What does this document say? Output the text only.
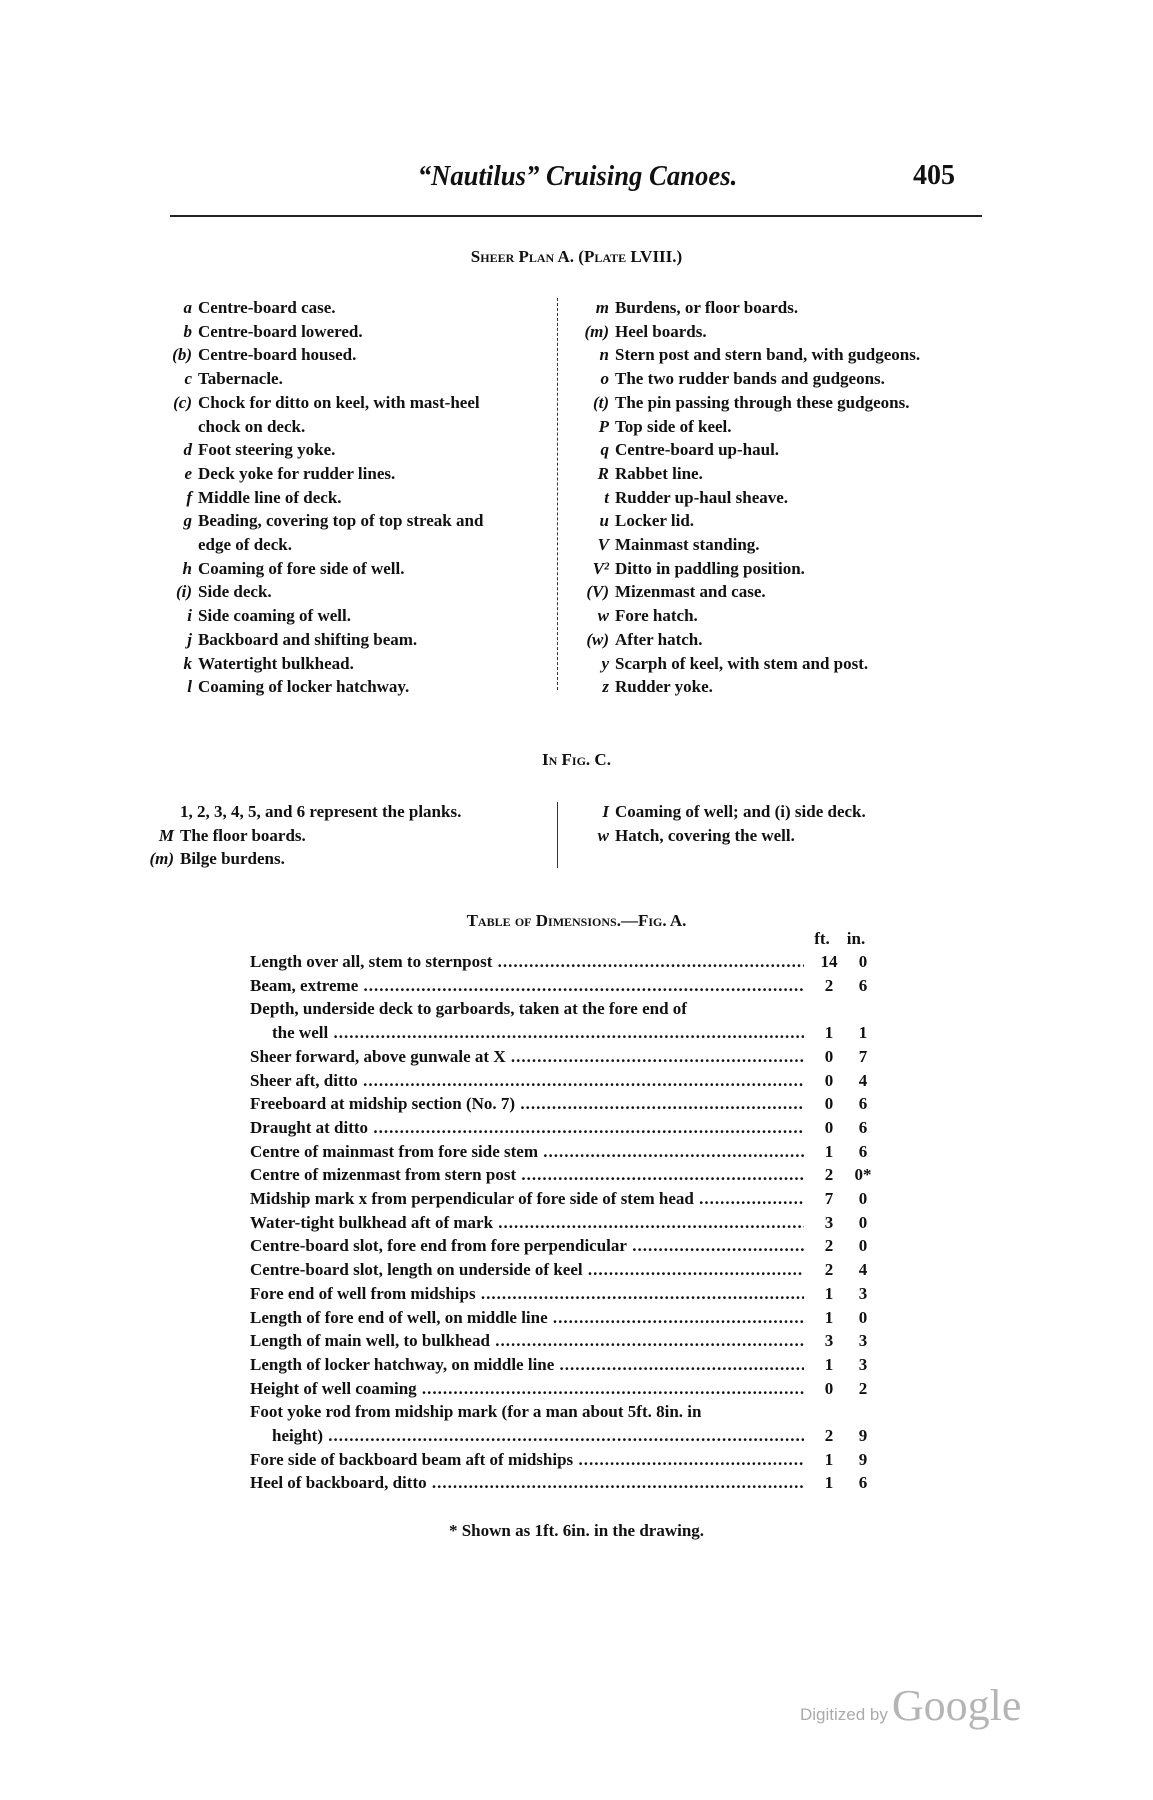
“Nautilus” Cruising Canoes.	405
Sheer Plan A. (Plate LVIII.)
a Centre-board case.
b Centre-board lowered.
(b) Centre-board housed.
c Tabernacle.
(c) Chock for ditto on keel, with mast-heel
chock on deck.
d Foot steering yoke.
e Deck yoke for rudder lines.
f Middle line of deck.
g Beading, covering top of top streak and
edge of deck.
h Coaming of fore side of well.
(i) Side deck.
i Side coaming of well.
j Backboard and shifting beam.
k Watertight bulkhead.
l Coaming of locker hatchway.
m Burdens, or floor boards.
(m) Heel boards.
n Stern post and stern band, with gudgeons.
o The two rudder bands and gudgeons.
(t) The pin passing through these gudgeons.
P Top side of keel.
q Centre-board up-haul.
R Rabbet line.
t Rudder up-haul sheave.
u Locker lid.
V Mainmast standing.
V² Ditto in paddling position.
(V) Mizenmast and case.
w Fore hatch.
(w) After hatch.
y Scarph of keel, with stem and post.
z Rudder yoke.
In Fig. C.
1, 2, 3, 4, 5, and 6 represent the planks.
M The floor boards.
(m) Bilge burdens.
I Coaming of well; and (i) side deck.
w Hatch, covering the well.
Table of Dimensions.—Fig. A.
ft. in.
Length over all, stem to sternpost .....	14	0
Beam, extreme .....	2	6
Depth, underside deck to garboards, taken at the fore end of
the well .....	1	1
Sheer forward, above gunwale at X .....	0	7
Sheer aft, ditto .....	0	4
Freeboard at midship section (No. 7) .....	0	6
Draught at ditto .....	0	6
Centre of mainmast from fore side stem .....	1	6
Centre of mizenmast from stern post .....	2	0*
Midship mark x from perpendicular of fore side of stem head .....	7	0
Water-tight bulkhead aft of mark .....	3	0
Centre-board slot, fore end from fore perpendicular .....	2	0
Centre-board slot, length on underside of keel .....	2	4
Fore end of well from midships .....	1	3
Length of fore end of well, on middle line .....	1	0
Length of main well, to bulkhead .....	3	3
Length of locker hatchway, on middle line .....	1	3
Height of well coaming .....	0	2
Foot yoke rod from midship mark (for a man about 5ft. 8in. in
height) .....	2	9
Fore side of backboard beam aft of midships .....	1	9
Heel of backboard, ditto .....	1	6
* Shown as 1ft. 6in. in the drawing.
Digitized by Google
